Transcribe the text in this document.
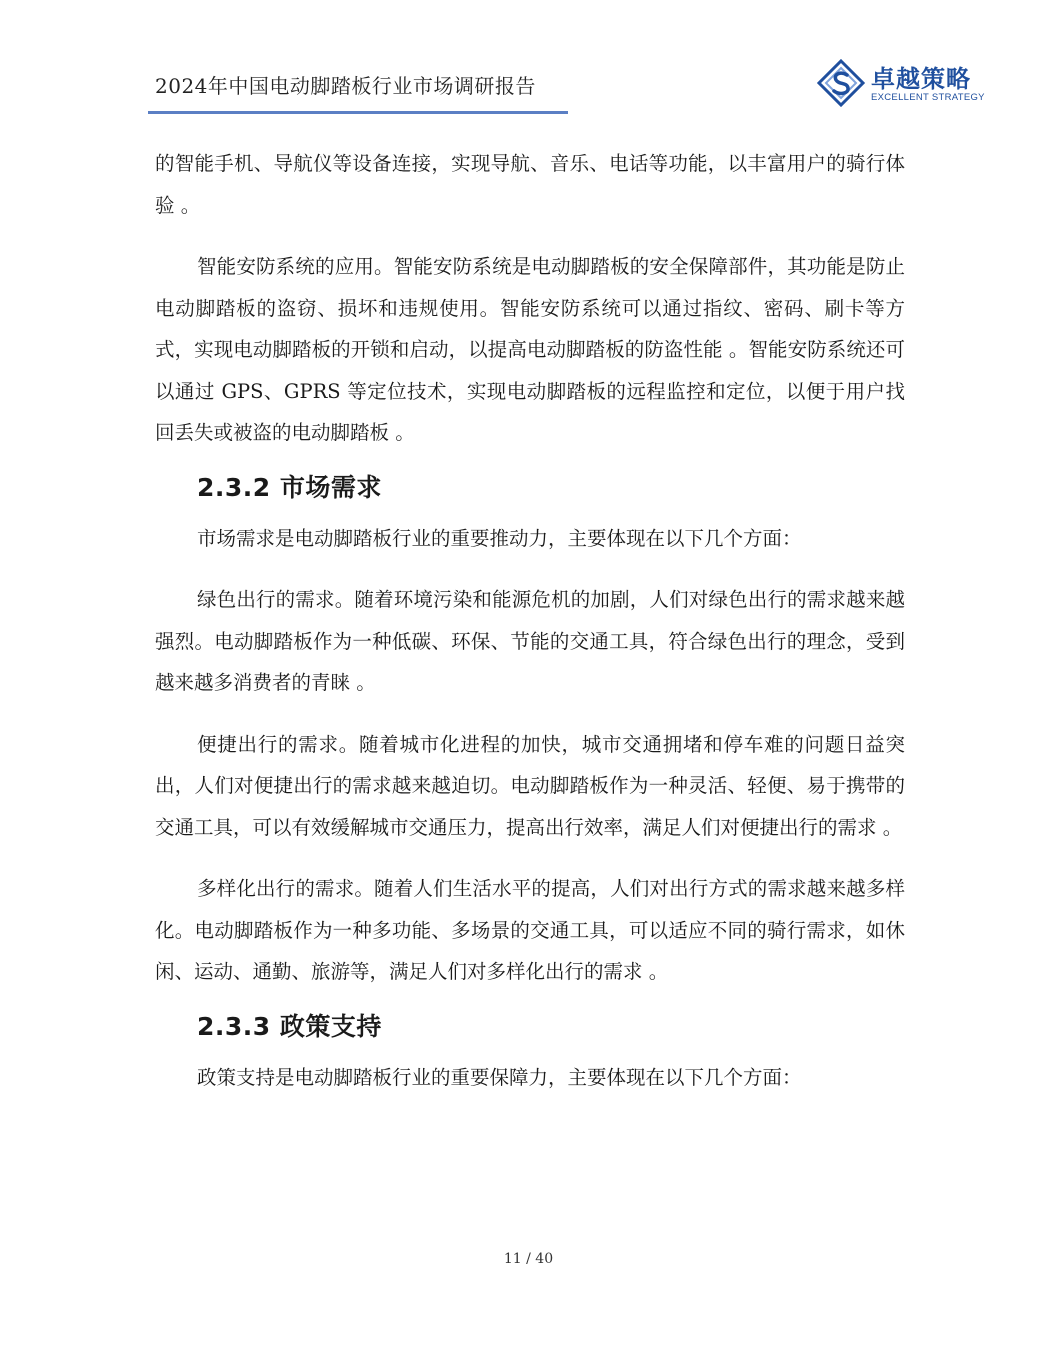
2024年中国电动脚踏板行业市场调研报告	卓越策略
EXCELLENT STRATEGY

的智能手机、导航仪等设备连接，实现导航、音乐、电话等功能，以丰富用户的骑行体验 。

智能安防系统的应用。智能安防系统是电动脚踏板的安全保障部件，其功能是防止电动脚踏板的盗窃、损坏和违规使用。智能安防系统可以通过指纹、密码、刷卡等方式，实现电动脚踏板的开锁和启动，以提高电动脚踏板的防盗性能 。智能安防系统还可以通过 GPS、GPRS 等定位技术，实现电动脚踏板的远程监控和定位，以便于用户找回丢失或被盗的电动脚踏板 。

2.3.2 市场需求

市场需求是电动脚踏板行业的重要推动力，主要体现在以下几个方面：

绿色出行的需求。随着环境污染和能源危机的加剧，人们对绿色出行的需求越来越强烈。电动脚踏板作为一种低碳、环保、节能的交通工具，符合绿色出行的理念，受到越来越多消费者的青睐 。

便捷出行的需求。随着城市化进程的加快，城市交通拥堵和停车难的问题日益突出，人们对便捷出行的需求越来越迫切。电动脚踏板作为一种灵活、轻便、易于携带的交通工具，可以有效缓解城市交通压力，提高出行效率，满足人们对便捷出行的需求 。

多样化出行的需求。随着人们生活水平的提高，人们对出行方式的需求越来越多样化。电动脚踏板作为一种多功能、多场景的交通工具，可以适应不同的骑行需求，如休闲、运动、通勤、旅游等，满足人们对多样化出行的需求 。

2.3.3 政策支持

政策支持是电动脚踏板行业的重要保障力，主要体现在以下几个方面：

11 / 40
